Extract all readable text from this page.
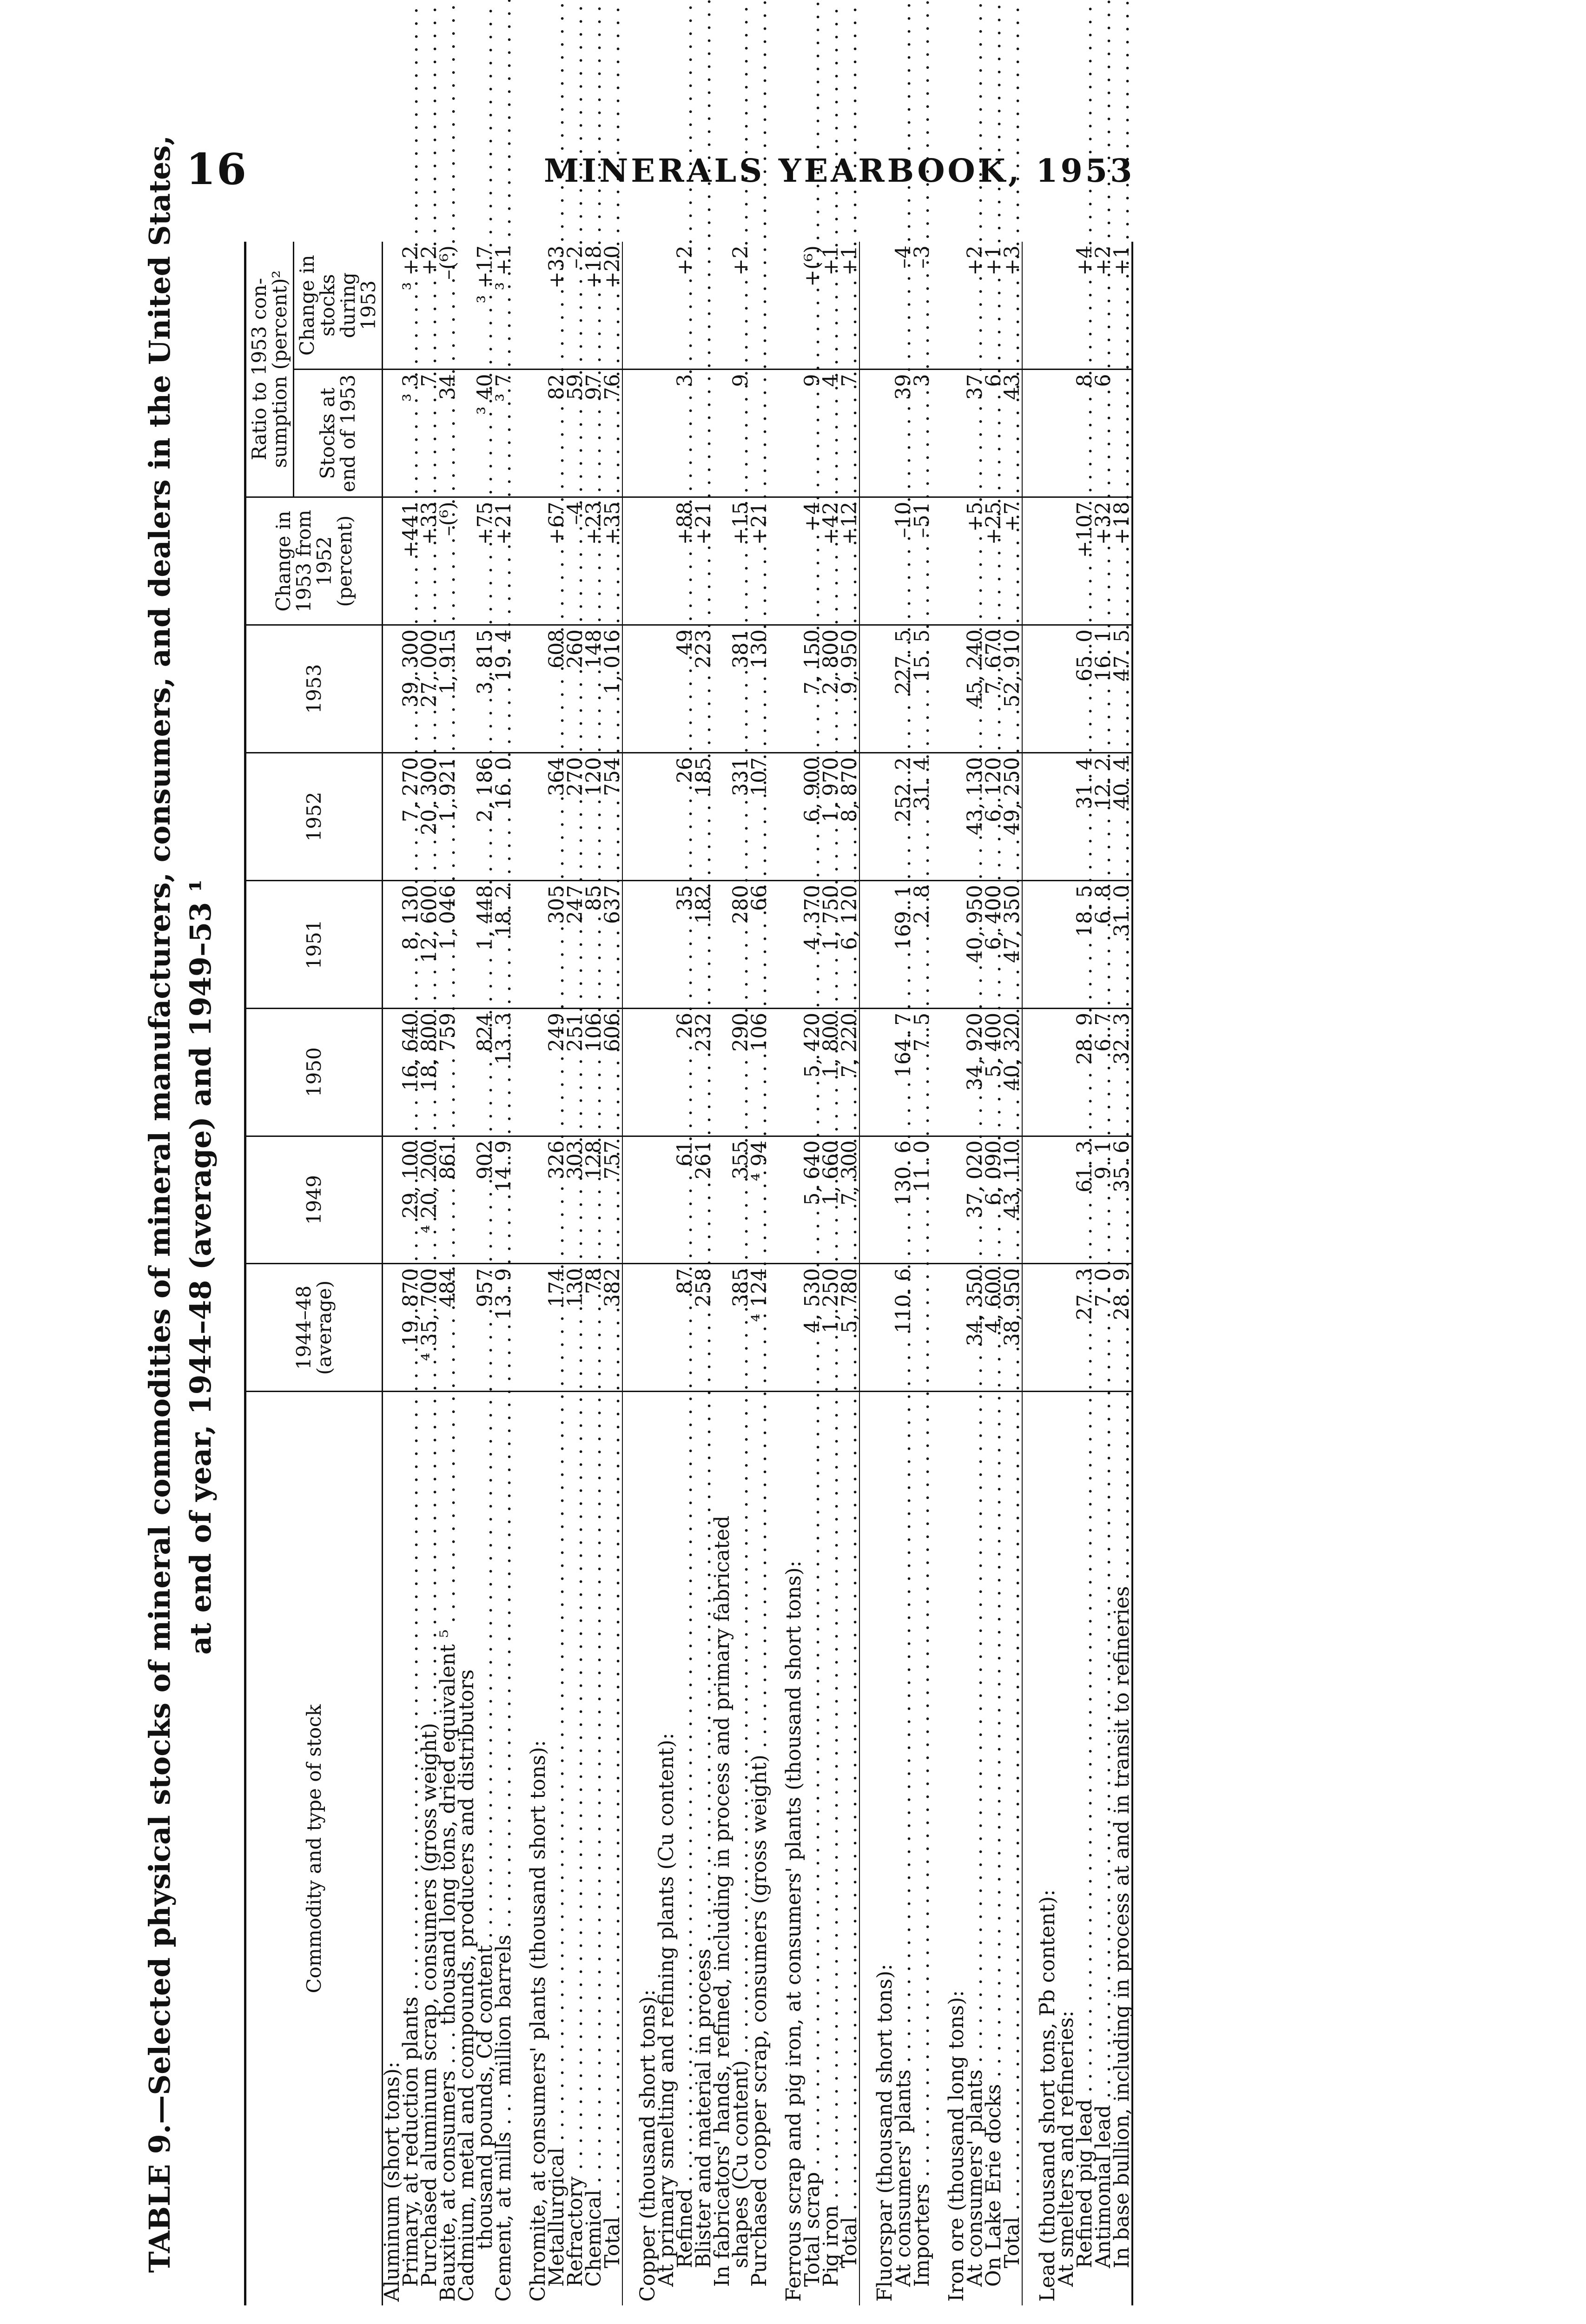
16	MINERALS YEARBOOK, 1953
TABLE 9.—Selected physical stocks of mineral commodities of mineral manufacturers, consumers, and dealers in the United States, at end of year, 1944–48 (average) and 1949–53 ¹
Commodity and type of stock	1944–48 (average)	1949	1950	1951	1952	1953	Change in 1953 from 1952 (percent)	Ratio to 1953 consumption (percent)²	
								Stocks at end of 1953	Change in stocks during 1953
Aluminum (short tons):									
Primary, at reduction plants . . .	19, 870	29, 100	16, 640	8, 130	7, 270	39, 300	+441	³ 3	³ +2
Purchased aluminum scrap, consumers (gross weight) . . .	⁴ 35, 700	⁴ 20, 200	18, 800	12, 600	20, 300	27, 000	+33	7	+2
Bauxite, at consumers . . . thousand long tons, dried equivalent ⁵ . . .	484	861	759	1, 046	1, 921	1, 915	–(⁶)	34	–(⁶)
Cadmium, metal and compounds, producers and distributors									
thousand pounds, Cd content . . .	957	902	824	1, 448	2, 186	3, 815	+75	³ 40	³ +17
Cement, at mills . . . million barrels . . .	13. 9	14. 9	13. 3	18. 2	16. 0	19. 4	+21	³ 7	³ +1

Chromite, at consumers' plants (thousand short tons):									
Metallurgical . . .	174	326	249	305	364	608	+67	82	+33
Refractory . . .	130	303	251	247	270	260	–4	59	–2
Chemical . . .	78	128	106	85	120	148	+23	97	+18
Total . . .	382	757	606	637	754	1, 016	+35	76	+20

Copper (thousand short tons):									
At primary smelting and refining plants (Cu content):									
Refined . . .	87	61	26	35	26	49	+88	3	+2
Blister and material in process . . .	258	261	232	182	185	223	+21		
In fabricators' hands, refined, including in process and primary fabricated									
shapes (Cu content) . . .	385	355	290	280	331	381	+15	9	+2
Purchased copper scrap, consumers (gross weight) . . .	⁴ 124	⁴ 94	106	66	107	130	+21		

Ferrous scrap and pig iron, at consumers' plants (thousand short tons):									
Total scrap . . .	4, 530	5, 640	5, 420	4, 370	6, 900	7, 150	+4	9	+(⁶)
Pig iron . . .	1, 250	1, 660	1, 800	1, 750	1, 970	2, 800	+42	4	+1
Total . . .	5, 780	7, 300	7, 220	6, 120	8, 870	9, 950	+12	7	+1

Fluorspar (thousand short tons):									
At consumers' plants . . .	110. 6	130. 6	164. 7	169. 1	252. 2	227. 5	–10	39	–4
Importers . . .		11. 0	7. 5	2. 8	31. 4	15. 5	–51	3	–3

Iron ore (thousand long tons):									
At consumers' plants . . .	34, 350	37, 020	34, 920	40, 950	43, 130	45, 240	+5	37	+2
On Lake Erie docks . . .	4, 600	6, 090	5, 400	6, 400	6, 120	7, 670	+25	6	+1
Total . . .	38, 950	43, 110	40, 320	47, 350	49, 250	52, 910	+7	43	+3

Lead (thousand short tons, Pb content):									
At smelters and refineries:									
Refined pig lead . . .	27. 3	61. 3	28. 9	18. 5	31. 4	65. 0	+107	8	+4
Antimonial lead . . .	7. 0	9. 1	6. 7	6. 8	12. 2	16. 1	+32	6	+2
In base bullion, including in process at and in transit to refineries . . .	28. 9	35. 6	32. 3	31. 0	40. 4	47. 5	+18		+1
